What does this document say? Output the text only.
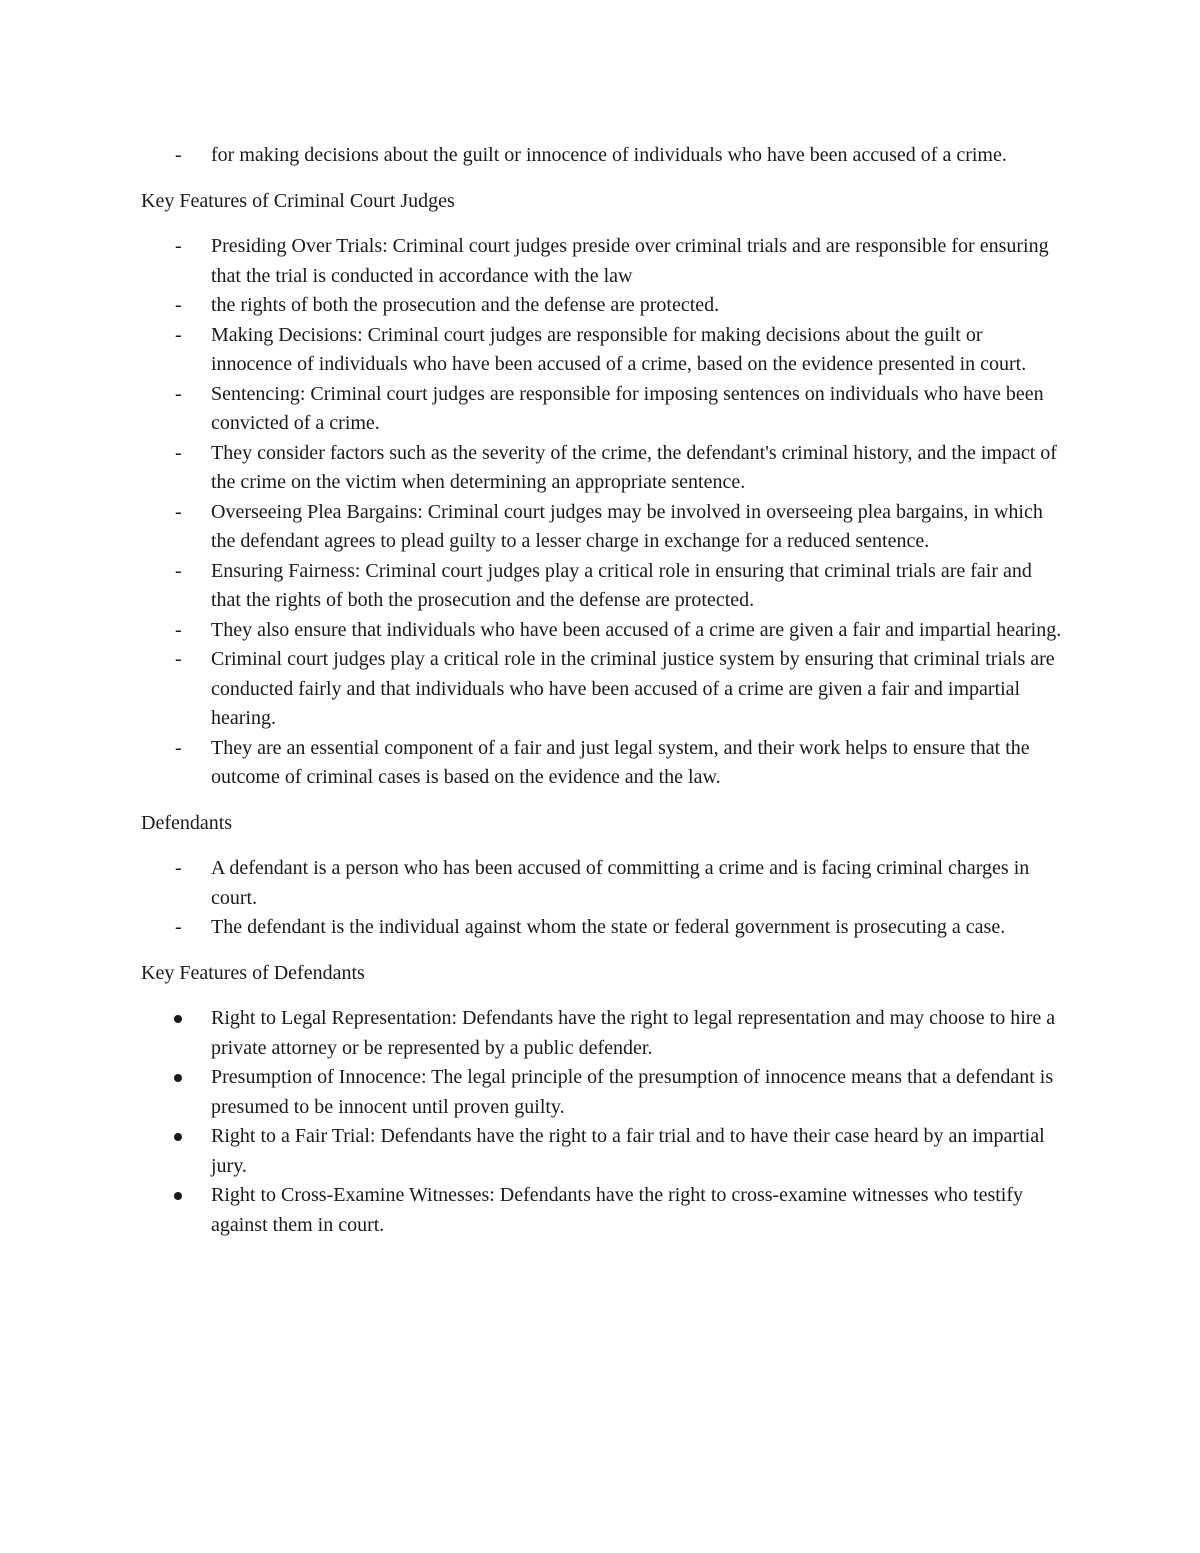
-
for making decisions about the guilt or innocence of individuals who have been accused of a crime.
Key Features of Criminal Court Judges
-
Presiding Over Trials: Criminal court judges preside over criminal trials and are responsible for ensuring that the trial is conducted in accordance with the law
-
the rights of both the prosecution and the defense are protected.
-
Making Decisions: Criminal court judges are responsible for making decisions about the guilt or innocence of individuals who have been accused of a crime, based on the evidence presented in court.
-
Sentencing: Criminal court judges are responsible for imposing sentences on individuals who have been convicted of a crime.
-
They consider factors such as the severity of the crime, the defendant's criminal history, and the impact of the crime on the victim when determining an appropriate sentence.
-
Overseeing Plea Bargains: Criminal court judges may be involved in overseeing plea bargains, in which the defendant agrees to plead guilty to a lesser charge in exchange for a reduced sentence.
-
Ensuring Fairness: Criminal court judges play a critical role in ensuring that criminal trials are fair and that the rights of both the prosecution and the defense are protected.
-
They also ensure that individuals who have been accused of a crime are given a fair and impartial hearing.
-
Criminal court judges play a critical role in the criminal justice system by ensuring that criminal trials are conducted fairly and that individuals who have been accused of a crime are given a fair and impartial hearing.
-
They are an essential component of a fair and just legal system, and their work helps to ensure that the outcome of criminal cases is based on the evidence and the law.
Defendants
-
A defendant is a person who has been accused of committing a crime and is facing criminal charges in court.
-
The defendant is the individual against whom the state or federal government is prosecuting a case.
Key Features of Defendants
Right to Legal Representation: Defendants have the right to legal representation and may choose to hire a private attorney or be represented by a public defender.
Presumption of Innocence: The legal principle of the presumption of innocence means that a defendant is presumed to be innocent until proven guilty.
Right to a Fair Trial: Defendants have the right to a fair trial and to have their case heard by an impartial jury.
Right to Cross-Examine Witnesses: Defendants have the right to cross-examine witnesses who testify against them in court.
